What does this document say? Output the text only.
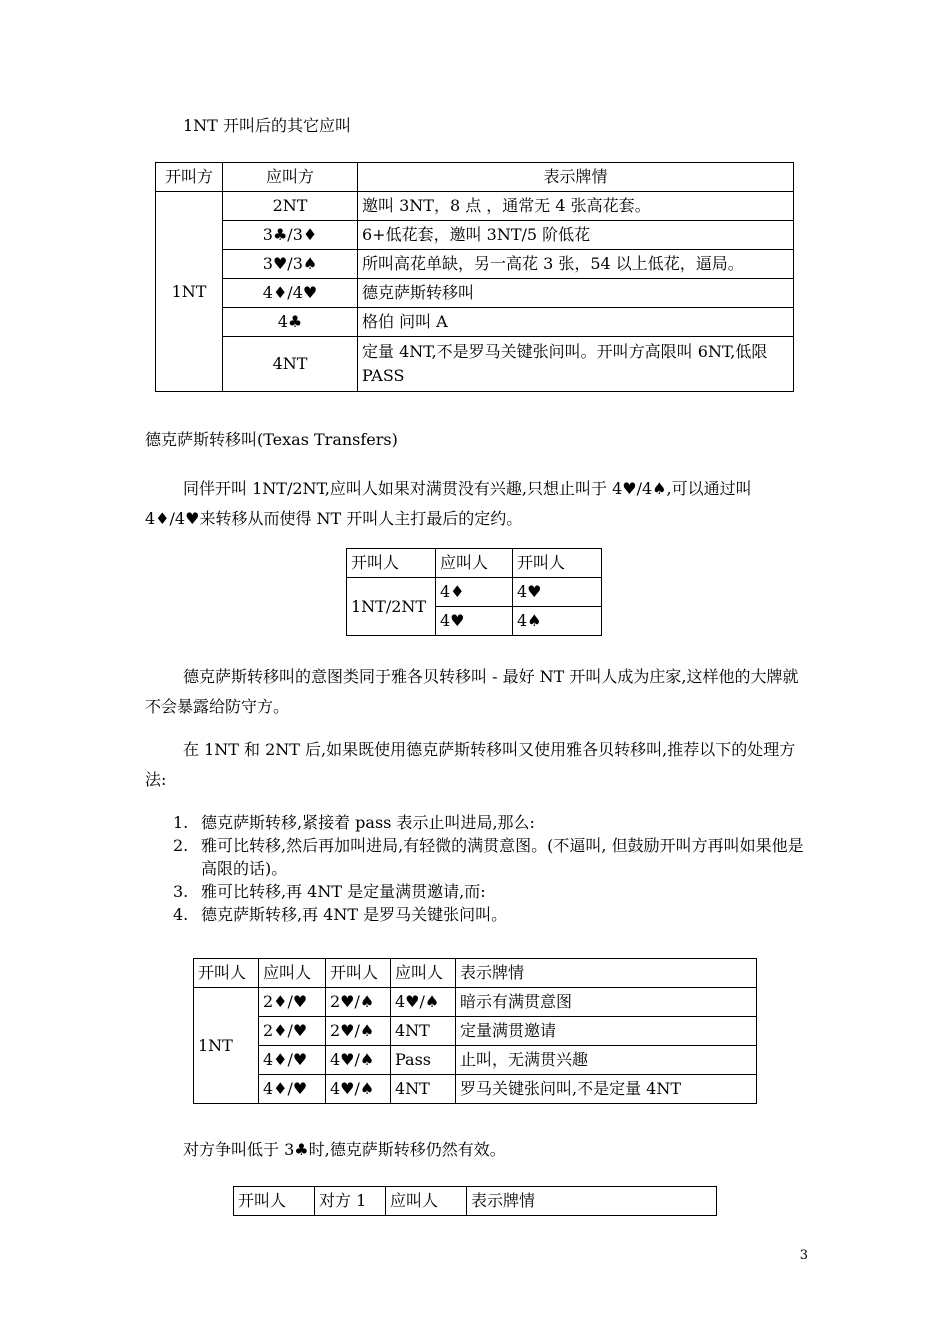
1NT 开叫后的其它应叫
开叫方	应叫方	表示牌情
1NT	2NT	邀叫 3NT，8 点 ，通常无 4 张高花套。
	3♣/3♦	6+低花套，邀叫 3NT/5 阶低花
	3♥/3♠	所叫高花单缺，另一高花 3 张，54 以上低花，逼局。
	4♦/4♥	德克萨斯转移叫
	4♣	格伯 问叫 A
	4NT	定量 4NT,不是罗马关键张问叫。开叫方高限叫 6NT,低限 PASS
德克萨斯转移叫(Texas Transfers)
同伴开叫 1NT/2NT,应叫人如果对满贯没有兴趣,只想止叫于 4♥/4♠,可以通过叫 4♦/4♥来转移从而使得 NT 开叫人主打最后的定约。
开叫人	应叫人	开叫人
1NT/2NT	4♦	4♥
	4♥	4♠
德克萨斯转移叫的意图类同于雅各贝转移叫 - 最好 NT 开叫人成为庄家,这样他的大牌就不会暴露给防守方。
在 1NT 和 2NT 后,如果既使用德克萨斯转移叫又使用雅各贝转移叫,推荐以下的处理方法:
1. 德克萨斯转移,紧接着 pass 表示止叫进局,那么:
2. 雅可比转移,然后再加叫进局,有轻微的满贯意图。(不逼叫, 但鼓励开叫方再叫如果他是高限的话)。
3. 雅可比转移,再 4NT 是定量满贯邀请,而:
4. 德克萨斯转移,再 4NT 是罗马关键张问叫。
开叫人	应叫人	开叫人	应叫人	表示牌情
1NT	2♦/♥	2♥/♠	4♥/♠	暗示有满贯意图
	2♦/♥	2♥/♠	4NT	定量满贯邀请
	4♦/♥	4♥/♠	Pass	止叫，无满贯兴趣
	4♦/♥	4♥/♠	4NT	罗马关键张问叫,不是定量 4NT
对方争叫低于 3♣时,德克萨斯转移仍然有效。
开叫人	对方 1	应叫人	表示牌情
3
